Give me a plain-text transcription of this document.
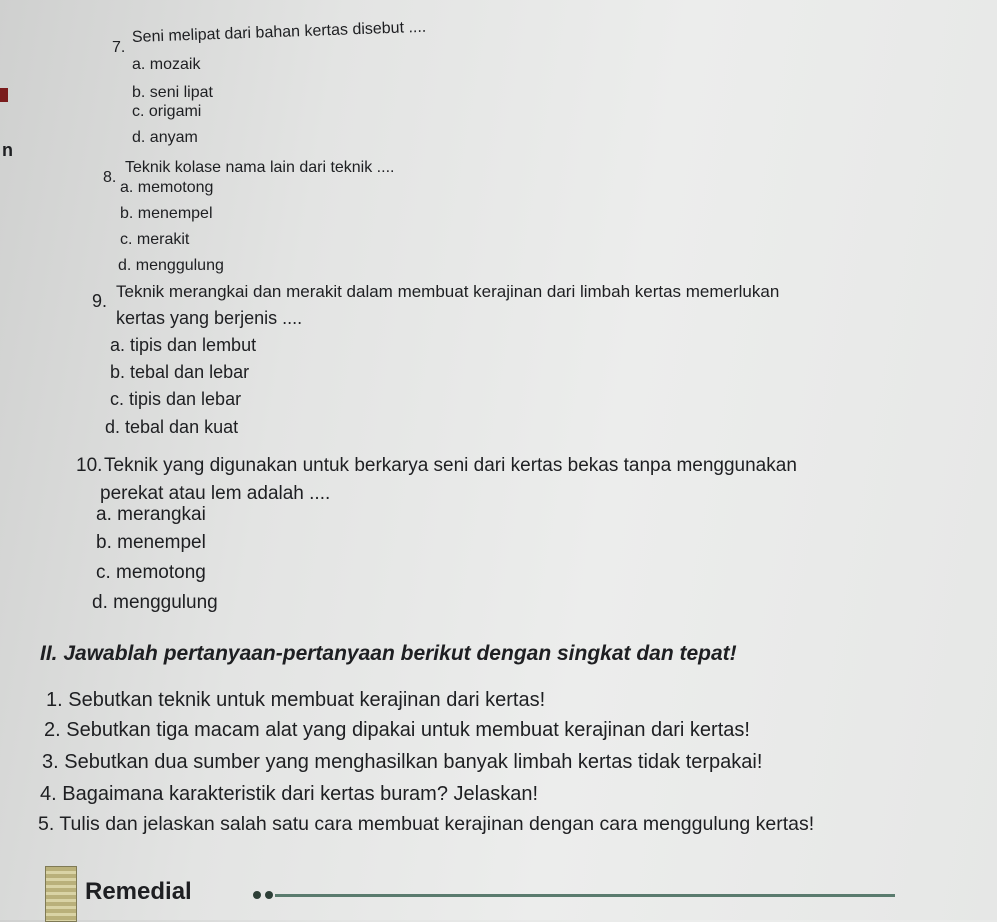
n
7.
Seni melipat dari bahan kertas disebut ....
a. mozaik
b. seni lipat
c. origami
d. anyam
8.
Teknik kolase nama lain dari teknik ....
a. memotong
b. menempel
c. merakit
d. menggulung
9. Teknik merangkai dan merakit dalam membuat kerajinan dari limbah kertas memerlukan
kertas yang berjenis ....
a. tipis dan lembut
b. tebal dan lebar
c. tipis dan lebar
d. tebal dan kuat
10. Teknik yang digunakan untuk berkarya seni dari kertas bekas tanpa menggunakan
perekat atau lem adalah ....
a. merangkai
b. menempel
c. memotong
d. menggulung
II. Jawablah pertanyaan-pertanyaan berikut dengan singkat dan tepat!
1. Sebutkan teknik untuk membuat kerajinan dari kertas!
2. Sebutkan tiga macam alat yang dipakai untuk membuat kerajinan dari kertas!
3. Sebutkan dua sumber yang menghasilkan banyak limbah kertas tidak terpakai!
4. Bagaimana karakteristik dari kertas buram? Jelaskan!
5. Tulis dan jelaskan salah satu cara membuat kerajinan dengan cara menggulung kertas!
Remedial
